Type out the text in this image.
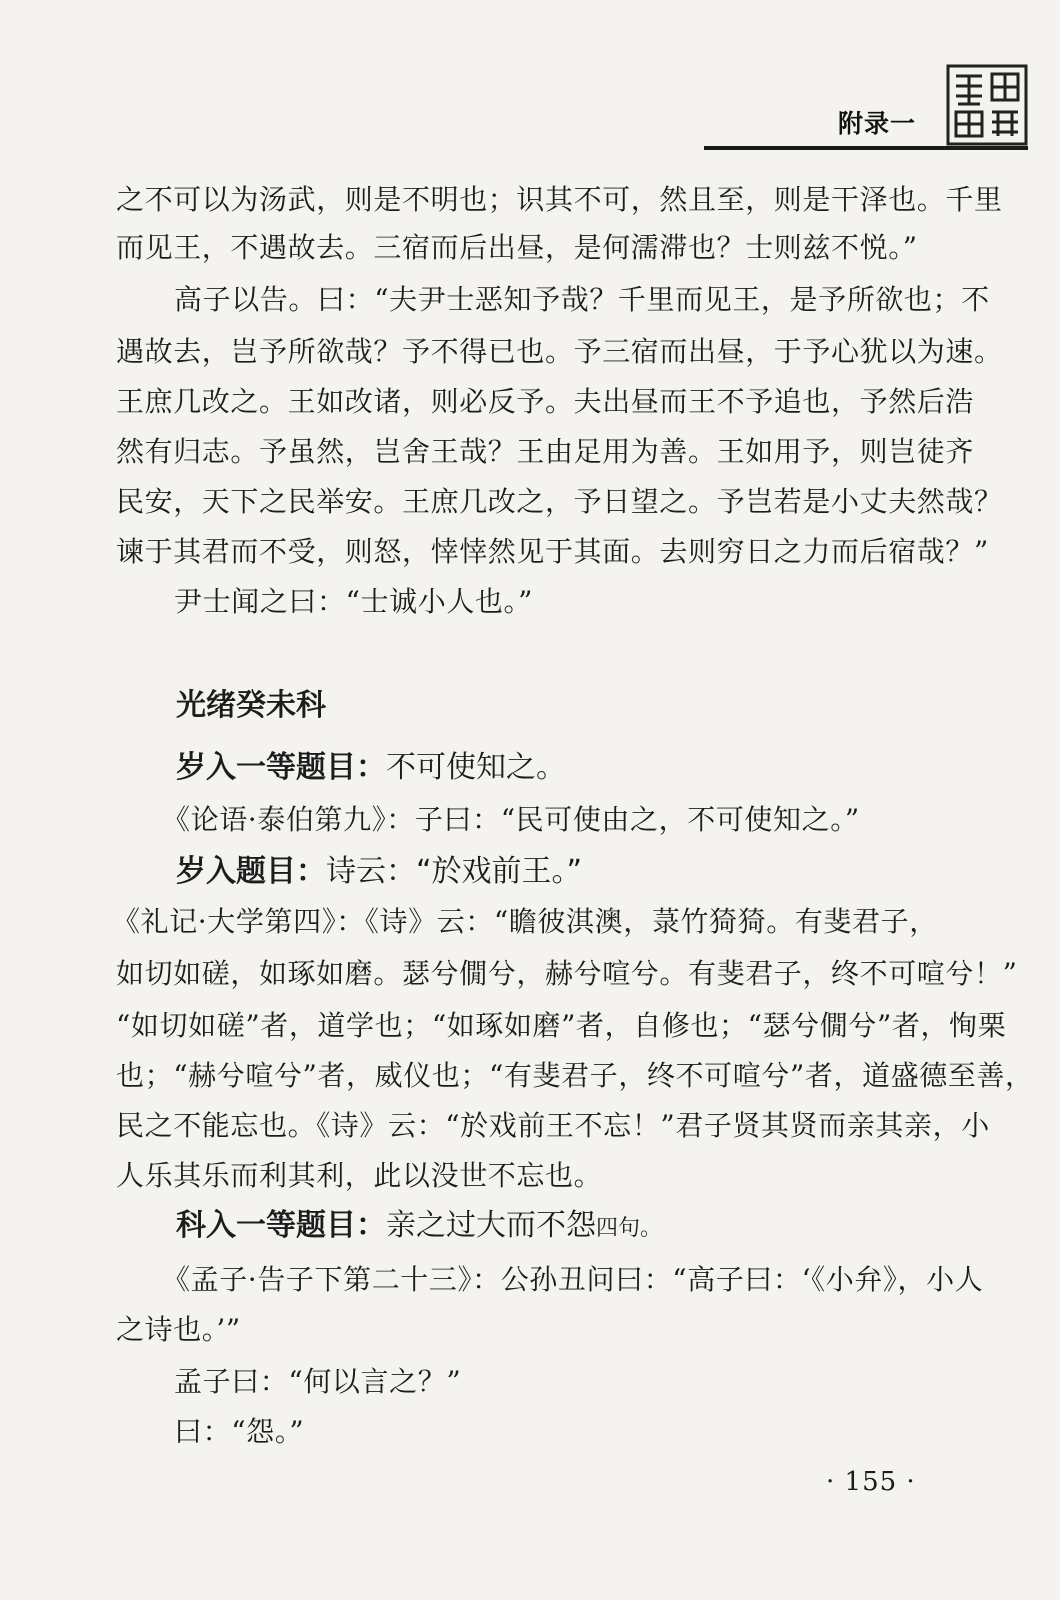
附录一
之不可以为汤武，则是不明也；识其不可，然且至，则是干泽也。千里
而见王，不遇故去。三宿而后出昼，是何濡滞也？士则兹不悦。”
高子以告。曰：“夫尹士恶知予哉？千里而见王，是予所欲也；不
遇故去，岂予所欲哉？予不得已也。予三宿而出昼，于予心犹以为速。
王庶几改之。王如改诸，则必反予。夫出昼而王不予追也，予然后浩
然有归志。予虽然，岂舍王哉？王由足用为善。王如用予，则岂徒齐
民安，天下之民举安。王庶几改之，予日望之。予岂若是小丈夫然哉？
谏于其君而不受，则怒，悻悻然见于其面。去则穷日之力而后宿哉？”
尹士闻之曰：“士诚小人也。”
光绪癸未科
岁入一等题目：不可使知之。
《论语·泰伯第九》：子曰：“民可使由之，不可使知之。”
岁入题目：诗云：“於戏前王。”
《礼记·大学第四》：《诗》云：“瞻彼淇澳，菉竹猗猗。有斐君子，
如切如磋，如琢如磨。瑟兮僩兮，赫兮喧兮。有斐君子，终不可喧兮！”
“如切如磋”者，道学也；“如琢如磨”者，自修也；“瑟兮僩兮”者，恂栗
也；“赫兮喧兮”者，威仪也；“有斐君子，终不可喧兮”者，道盛德至善，
民之不能忘也。《诗》云：“於戏前王不忘！”君子贤其贤而亲其亲，小
人乐其乐而利其利，此以没世不忘也。
科入一等题目：亲之过大而不怨四句。
《孟子·告子下第二十三》：公孙丑问曰：“高子曰：‘《小弁》，小人
之诗也。’”
孟子曰：“何以言之？”
曰：“怨。”
· 155 ·
